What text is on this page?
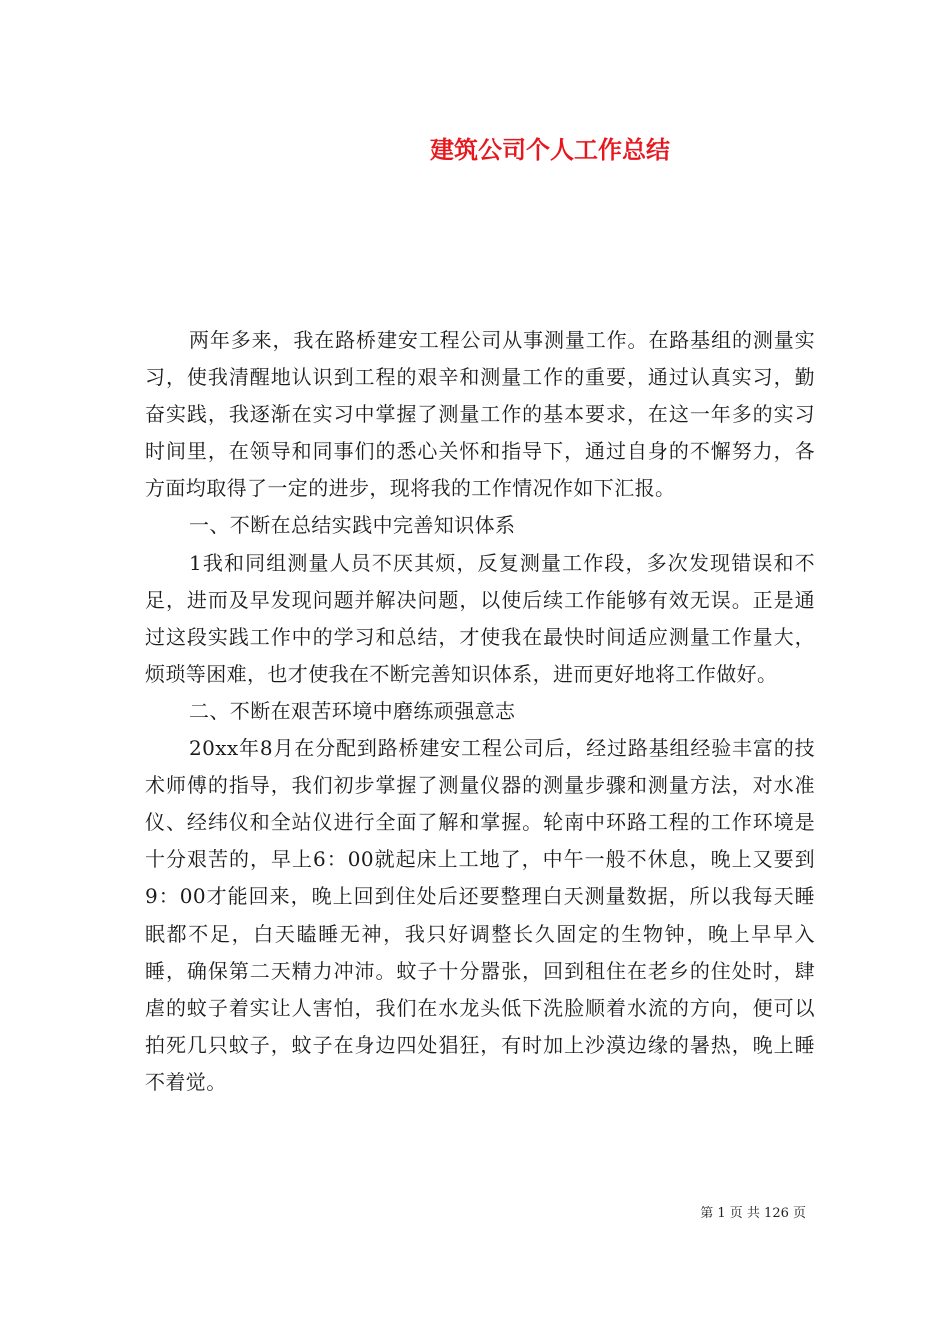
建筑公司个人工作总结

两年多来，我在路桥建安工程公司从事测量工作。在路基组的测量实习，使我清醒地认识到工程的艰辛和测量工作的重要，通过认真实习，勤奋实践，我逐渐在实习中掌握了测量工作的基本要求，在这一年多的实习时间里，在领导和同事们的悉心关怀和指导下，通过自身的不懈努力，各方面均取得了一定的进步，现将我的工作情况作如下汇报。

一、不断在总结实践中完善知识体系

1我和同组测量人员不厌其烦，反复测量工作段，多次发现错误和不足，进而及早发现问题并解决问题，以使后续工作能够有效无误。正是通过这段实践工作中的学习和总结，才使我在最快时间适应测量工作量大，烦琐等困难，也才使我在不断完善知识体系，进而更好地将工作做好。

二、不断在艰苦环境中磨练顽强意志

20xx年8月在分配到路桥建安工程公司后，经过路基组经验丰富的技术师傅的指导，我们初步掌握了测量仪器的测量步骤和测量方法，对水准仪、经纬仪和全站仪进行全面了解和掌握。轮南中环路工程的工作环境是十分艰苦的，早上6：00就起床上工地了，中午一般不休息，晚上又要到9：00才能回来，晚上回到住处后还要整理白天测量数据，所以我每天睡眠都不足，白天瞌睡无神，我只好调整长久固定的生物钟，晚上早早入睡，确保第二天精力冲沛。蚊子十分嚣张，回到租住在老乡的住处时，肆虐的蚊子着实让人害怕，我们在水龙头低下洗脸顺着水流的方向，便可以拍死几只蚊子，蚊子在身边四处猖狂，有时加上沙漠边缘的暑热，晚上睡不着觉。

第 1 页 共 126 页
